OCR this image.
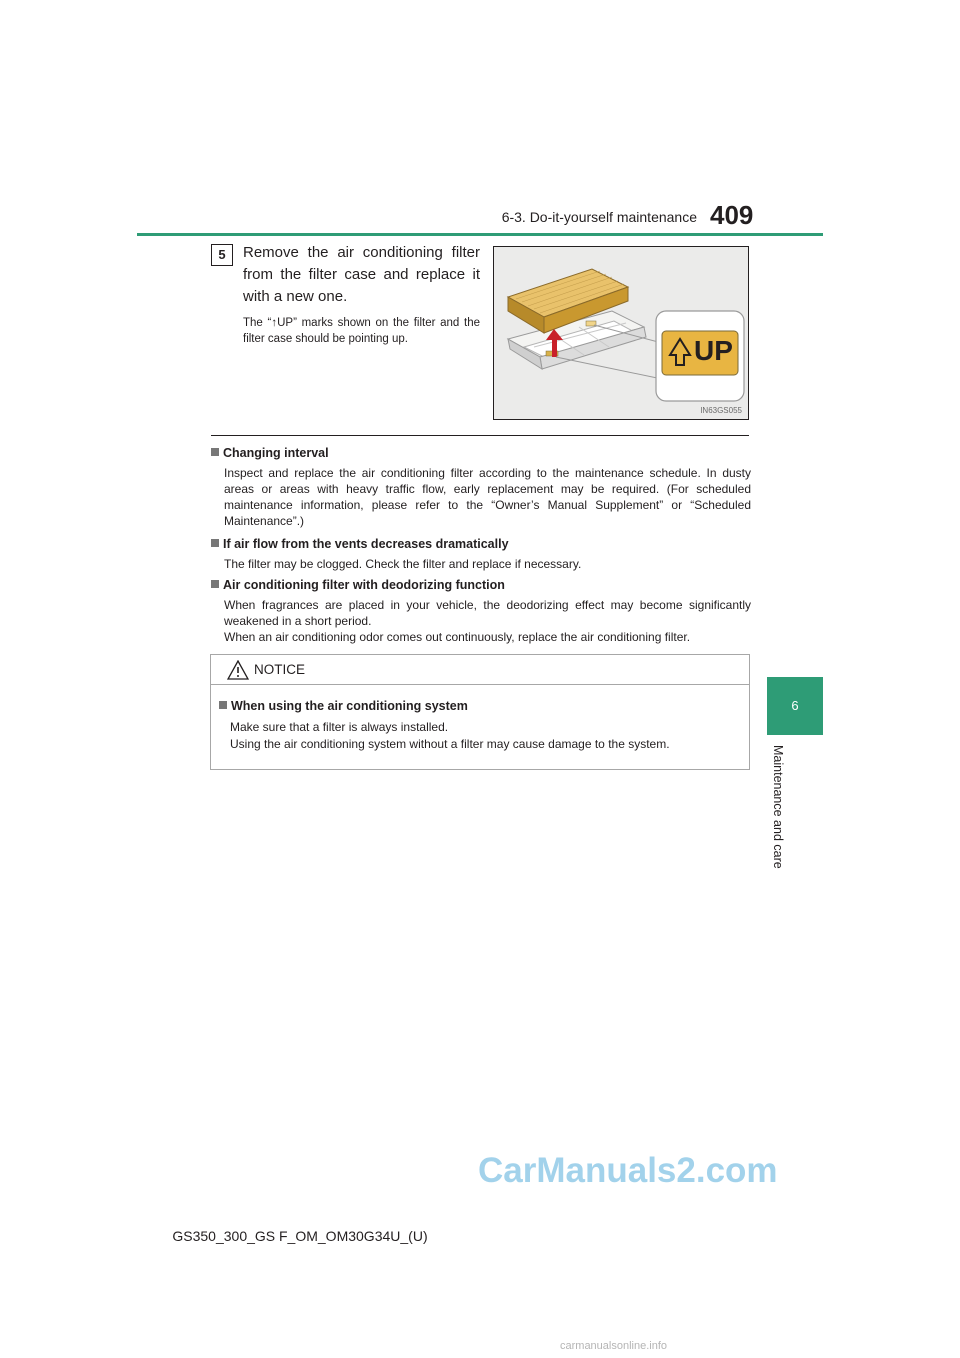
6-3. Do-it-yourself maintenance 409
6
Maintenance and care
5	Remove the air conditioning filter from the filter case and replace it with a new one.
The “↑UP” marks shown on the filter and the filter case should be pointing up.	UP
IN63GS055
Changing interval

Inspect and replace the air conditioning filter according to the maintenance schedule. In dusty areas or areas with heavy traffic flow, early replacement may be required. (For scheduled maintenance information, please refer to the “Owner’s Manual Supplement” or “Scheduled Maintenance”.)

If air flow from the vents decreases dramatically

The filter may be clogged. Check the filter and replace if necessary.

Air conditioning filter with deodorizing function

When fragrances are placed in your vehicle, the deodorizing effect may become significantly weakened in a short period.

When an air conditioning odor comes out continuously, replace the air conditioning filter.

NOTICE
When using the air conditioning system

Make sure that a filter is always installed.

Using the air conditioning system without a filter may cause damage to the system.

GS350_300_GS F_OM_OM30G34U_(U)
CarManuals2.com
carmanualsonline.info
